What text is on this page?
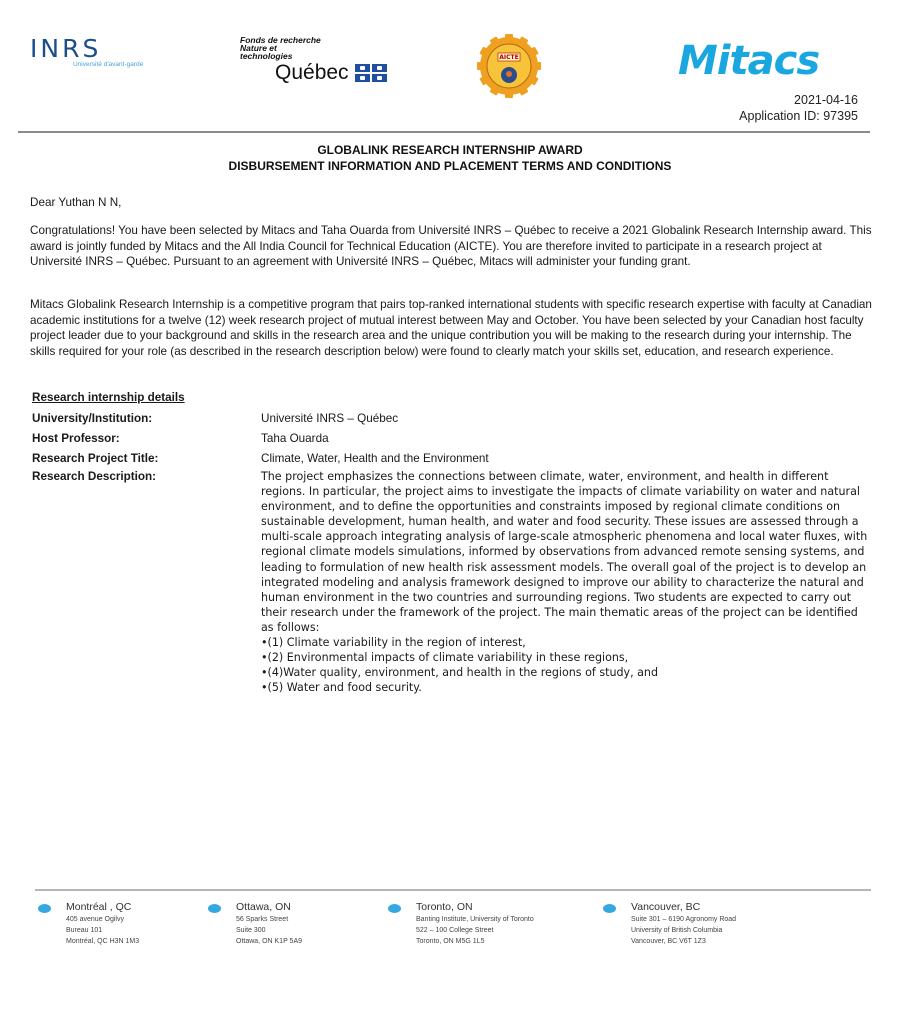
INRS
Université d'avant-garde
Fonds de recherche
Nature et
technologies
Québec
AICTE	Mitacs
2021-04-16
Application ID: 97395
GLOBALINK RESEARCH INTERNSHIP AWARD
DISBURSEMENT INFORMATION AND PLACEMENT TERMS AND CONDITIONS
Dear Yuthan N N,
Congratulations! You have been selected by Mitacs and Taha Ouarda from Université INRS – Québec to receive a 2021 Globalink Research Internship award. This award is jointly funded by Mitacs and the All India Council for Technical Education (AICTE). You are therefore invited to participate in a research project at Université INRS – Québec. Pursuant to an agreement with Université INRS – Québec, Mitacs will administer your funding grant.
Mitacs Globalink Research Internship is a competitive program that pairs top-ranked international students with specific research expertise with faculty at Canadian academic institutions for a twelve (12) week research project of mutual interest between May and October. You have been selected by your Canadian host faculty project leader due to your background and skills in the research area and the unique contribution you will be making to the research during your internship. The skills required for your role (as described in the research description below) were found to clearly match your skills set, education, and research experience.
Research internship details
University/Institution:	Université INRS – Québec
Host Professor:	Taha Ouarda
Research Project Title:	Climate, Water, Health and the Environment
Research Description:	The project emphasizes the connections between climate, water, environment, and health in different regions. In particular, the project aims to investigate the impacts of climate variability on water and natural environment, and to define the opportunities and constraints imposed by regional climate conditions on sustainable development, human health, and water and food security. These issues are assessed through a multi-scale approach integrating analysis of large-scale atmospheric phenomena and local water fluxes, with regional climate models simulations, informed by observations from advanced remote sensing systems, and leading to formulation of new health risk assessment models. The overall goal of the project is to develop an integrated modeling and analysis framework designed to improve our ability to characterize the natural and human environment in the two countries and surrounding regions. Two students are expected to carry out their research under the framework of the project. The main thematic areas of the project can be identified as follows:
• (1) Climate variability in the region of interest,
• (2) Environmental impacts of climate variability in these regions,
• (4)Water quality, environment, and health in the regions of study, and
• (5) Water and food security.
Montréal , QC
405 avenue Ogilvy
Bureau 101
Montréal, QC H3N 1M3
Ottawa, ON
56 Sparks Street
Suite 300
Ottawa, ON K1P 5A9
Toronto, ON
Banting Institute, University of Toronto
522 – 100 College Street
Toronto, ON M5G 1L5
Vancouver, BC
Suite 301 – 6190 Agronomy Road
University of British Columbia
Vancouver, BC V6T 1Z3
